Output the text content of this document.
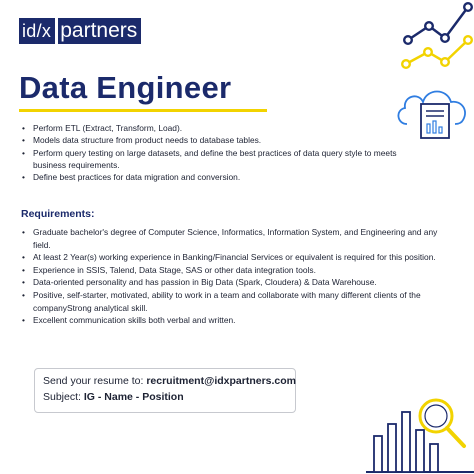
id/x partners
Data Engineer
• Perform ETL (Extract, Transform, Load).
• Models data structure from product needs to database tables.
• Perform query testing on large datasets, and define the best practices of data query style to meets business requirements.
• Define best practices for data migration and conversion.
Requirements:
• Graduate bachelor's degree of Computer Science, Informatics, Information System, and Engineering and any field.
• At least 2 Year(s) working experience in Banking/Financial Services or equivalent is required for this position.
• Experience in SSIS, Talend, Data Stage, SAS or other data integration tools.
• Data-oriented personality and has passion in Big Data (Spark, Cloudera) & Data Warehouse.
• Positive, self-starter, motivated, ability to work in a team and collaborate with many different clients of the companyStrong analytical skill.
• Excellent communication skills both verbal and written.
Send your resume to: recruitment@idxpartners.com
Subject: IG - Name - Position
